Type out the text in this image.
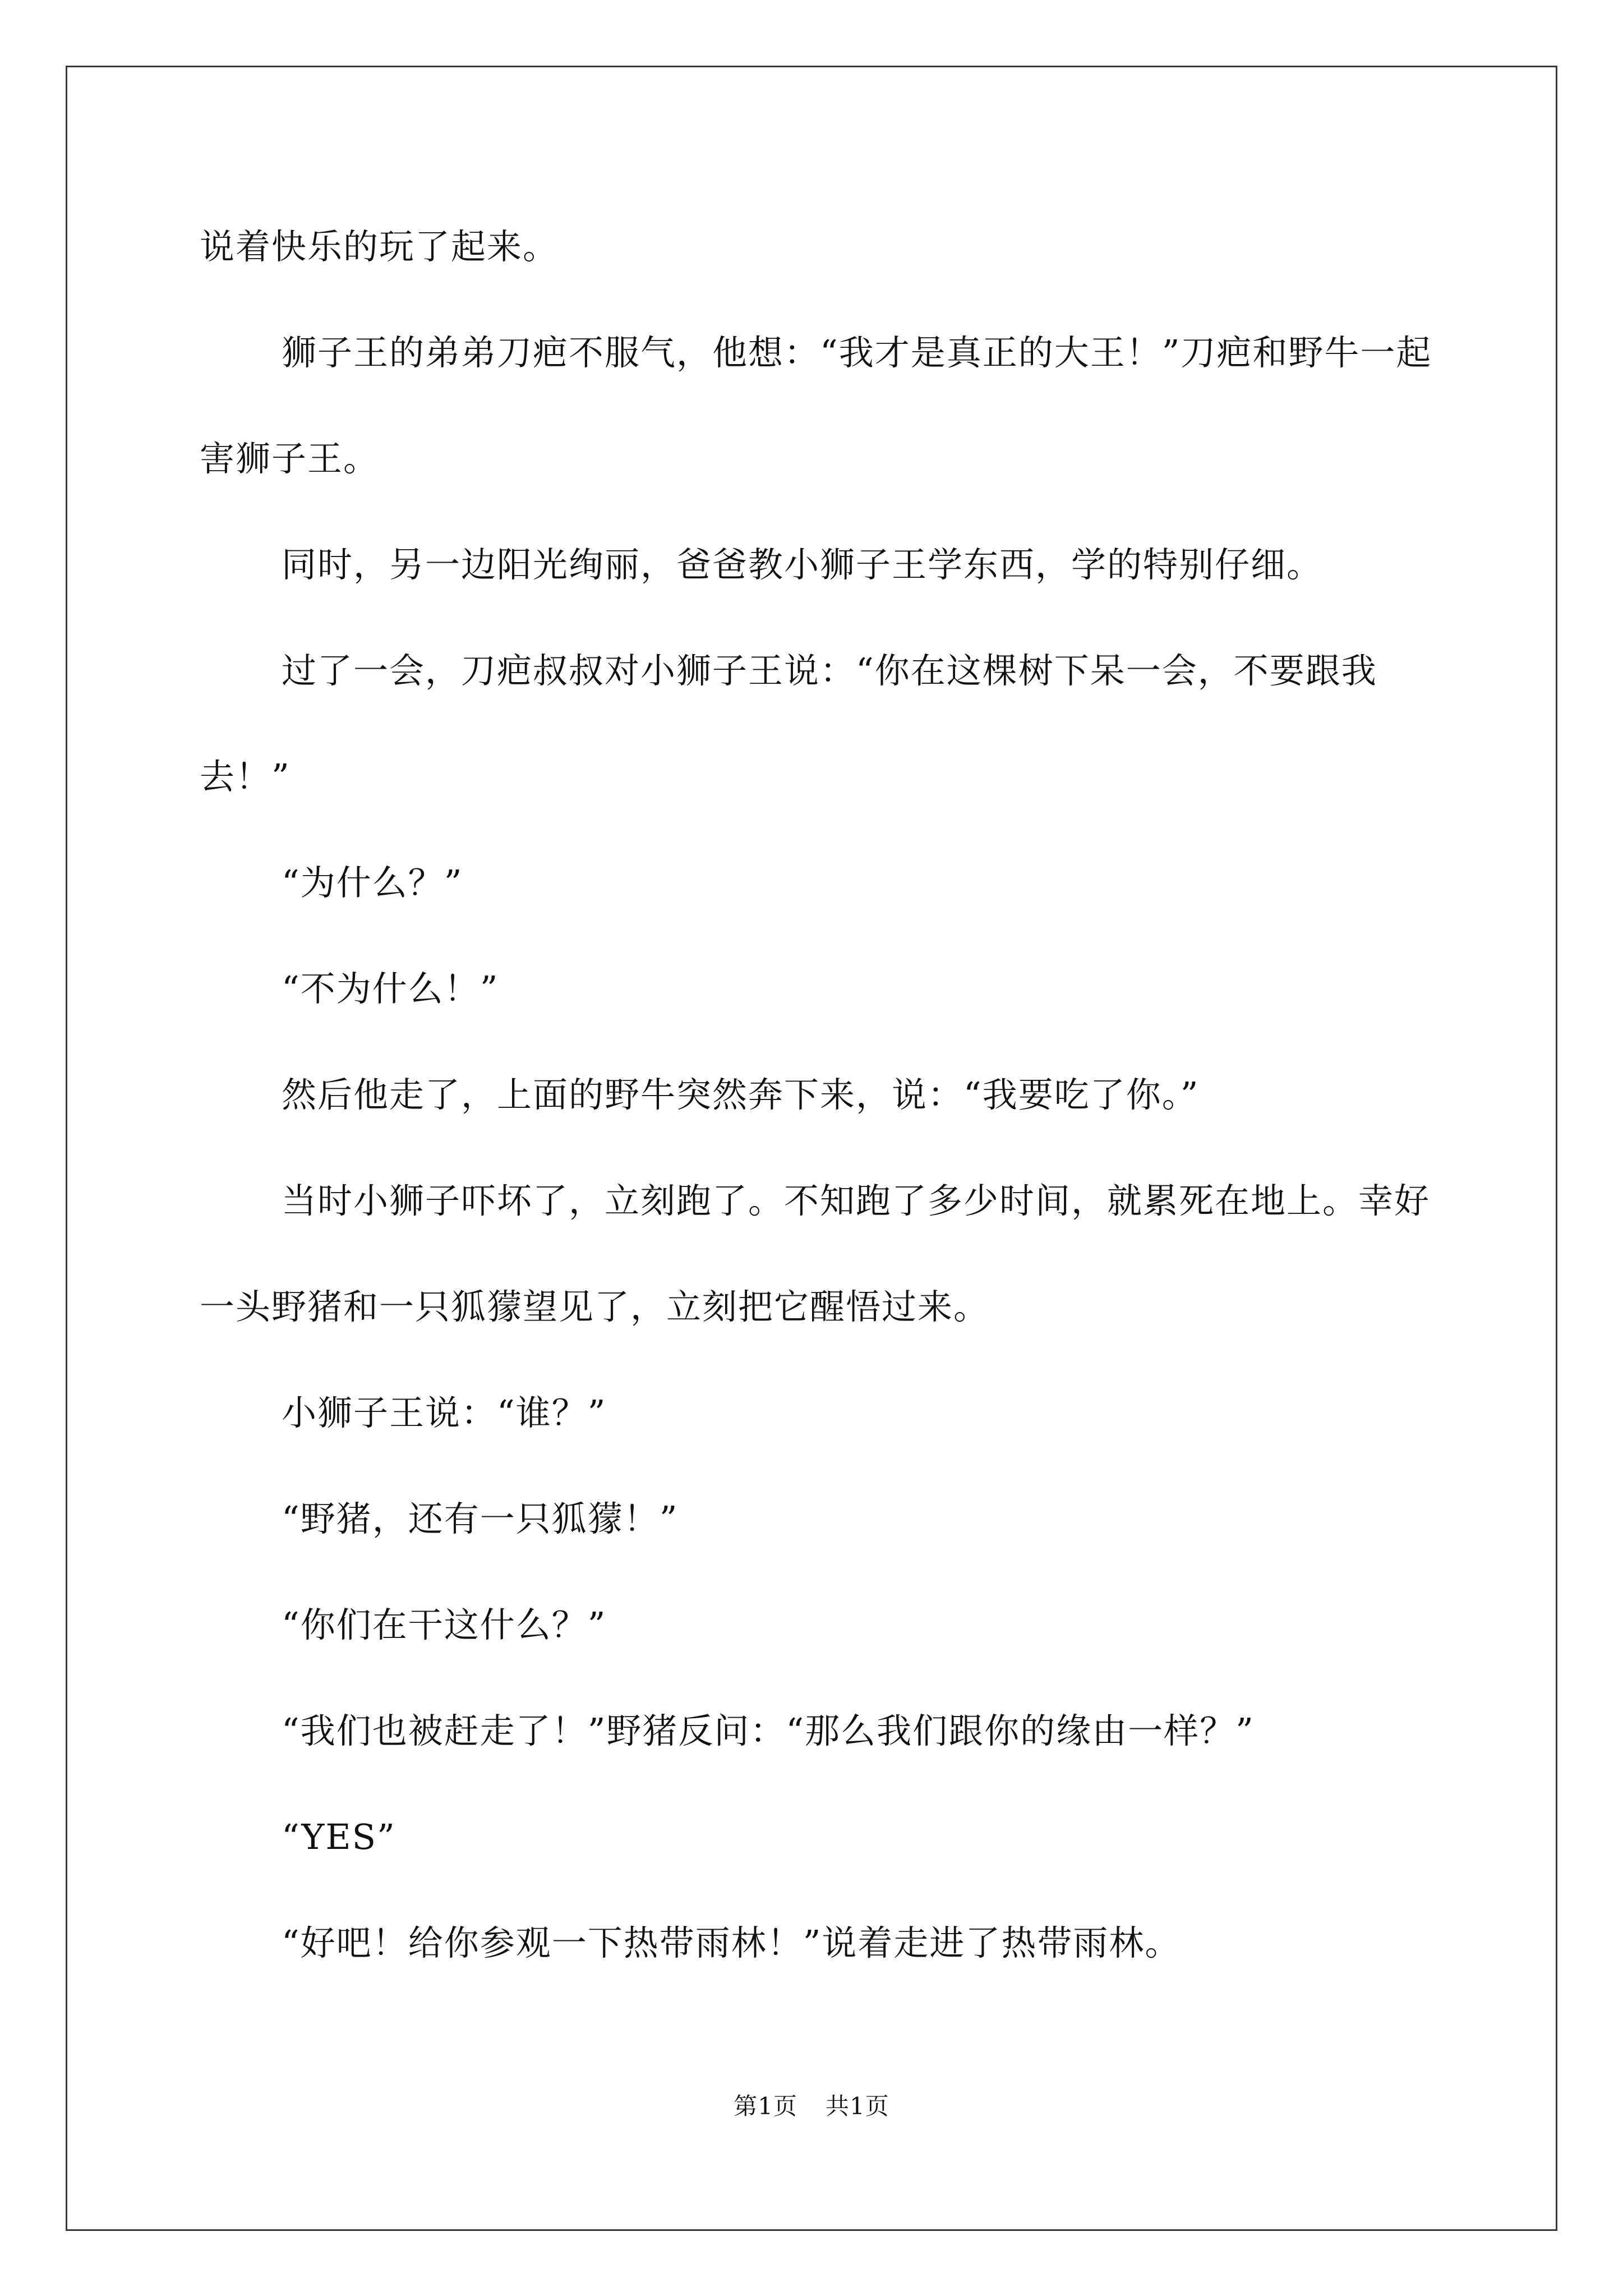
说着快乐的玩了起来。

狮子王的弟弟刀疤不服气，他想：“我才是真正的大王！”刀疤和野牛一起害狮子王。

同时，另一边阳光绚丽，爸爸教小狮子王学东西，学的特别仔细。

过了一会，刀疤叔叔对小狮子王说：“你在这棵树下呆一会，不要跟我去！”

“为什么？”

“不为什么！”

然后他走了，上面的野牛突然奔下来，说：“我要吃了你。”

当时小狮子吓坏了，立刻跑了。不知跑了多少时间，就累死在地上。幸好一头野猪和一只狐獴望见了，立刻把它醒悟过来。

小狮子王说：“谁？”

“野猪，还有一只狐獴！”

“你们在干这什么？”

“我们也被赶走了！”野猪反问：“那么我们跟你的缘由一样？”

“YES”

“好吧！给你参观一下热带雨林！”说着走进了热带雨林。

第1页 共1页
